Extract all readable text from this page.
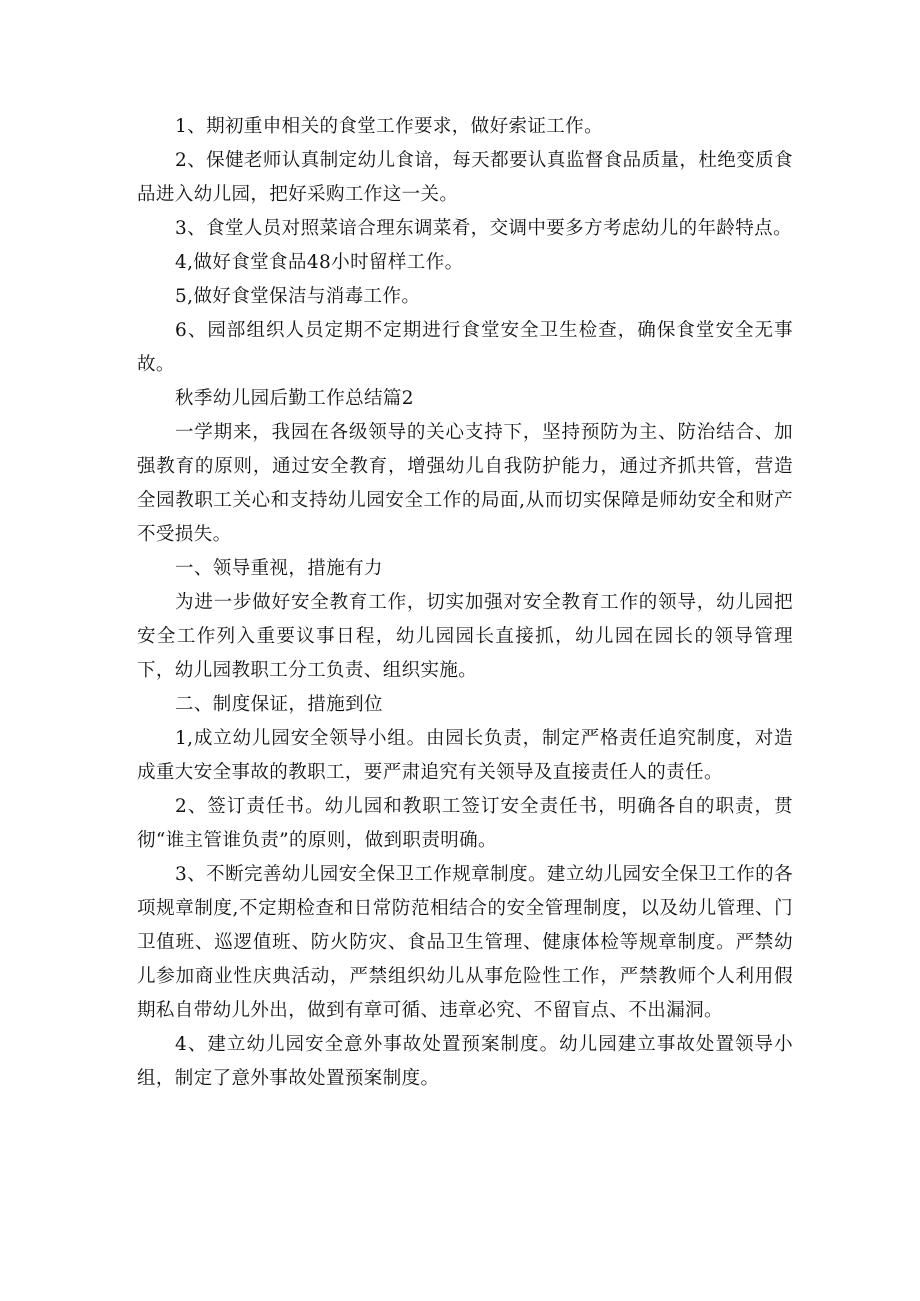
1、期初重申相关的食堂工作要求，做好索证工作。

2、保健老师认真制定幼儿食谙，每天都要认真监督食品质量，杜绝变质食品进入幼儿园，把好采购工作这一关。

3、食堂人员对照菜谙合理东调菜肴，交调中要多方考虑幼儿的年龄特点。

4,做好食堂食品48小时留样工作。

5,做好食堂保洁与消毒工作。

6、园部组织人员定期不定期进行食堂安全卫生检查，确保食堂安全无事故。

秋季幼儿园后勤工作总结篇2

一学期来，我园在各级领导的关心支持下，坚持预防为主、防治结合、加强教育的原则，通过安全教育，增强幼儿自我防护能力，通过齐抓共管，营造全园教职工关心和支持幼儿园安全工作的局面,从而切实保障是师幼安全和财产不受损失。

一、领导重视，措施有力

为进一步做好安全教育工作，切实加强对安全教育工作的领导，幼儿园把安全工作列入重要议事日程，幼儿园园长直接抓，幼儿园在园长的领导管理下，幼儿园教职工分工负责、组织实施。

二、制度保证，措施到位

1,成立幼儿园安全领导小组。由园长负责，制定严格责任追究制度，对造成重大安全事故的教职工，要严肃追究有关领导及直接责任人的责任。

2、签订责任书。幼儿园和教职工签订安全责任书，明确各自的职责，贯彻“谁主管谁负责”的原则，做到职责明确。

3、不断完善幼儿园安全保卫工作规章制度。建立幼儿园安全保卫工作的各项规章制度,不定期检查和日常防范相结合的安全管理制度，以及幼儿管理、门卫值班、巡逻值班、防火防灾、食品卫生管理、健康体检等规章制度。严禁幼儿参加商业性庆典活动，严禁组织幼儿从事危险性工作，严禁教师个人利用假期私自带幼儿外出，做到有章可循、违章必究、不留盲点、不出漏洞。

4、建立幼儿园安全意外事故处置预案制度。幼儿园建立事故处置领导小组，制定了意外事故处置预案制度。
